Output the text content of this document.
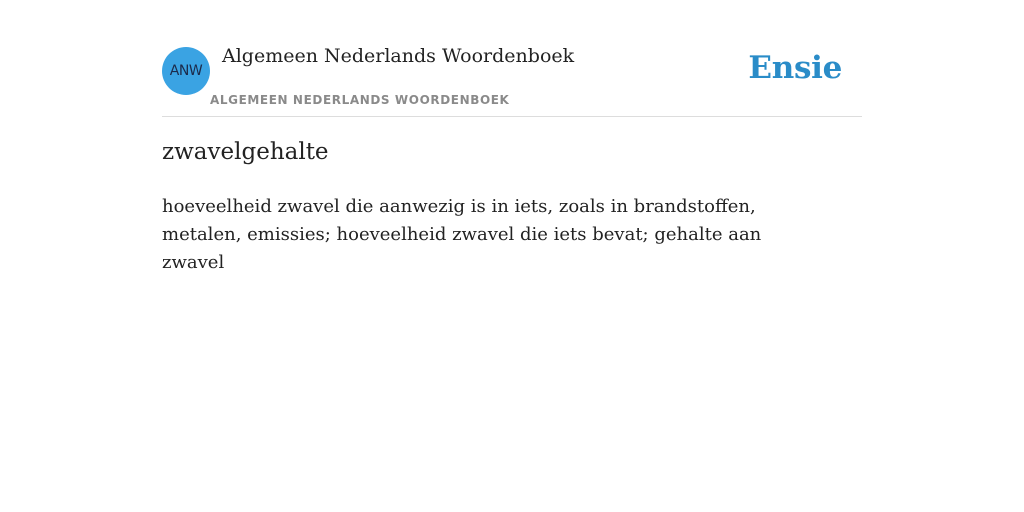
ANW
Algemeen Nederlands Woordenboek
ALGEMEEN NEDERLANDS WOORDENBOEK
Ensie
zwavelgehalte

hoeveelheid zwavel die aanwezig is in iets, zoals in brandstoffen, metalen, emissies; hoeveelheid zwavel die iets bevat; gehalte aan zwavel
